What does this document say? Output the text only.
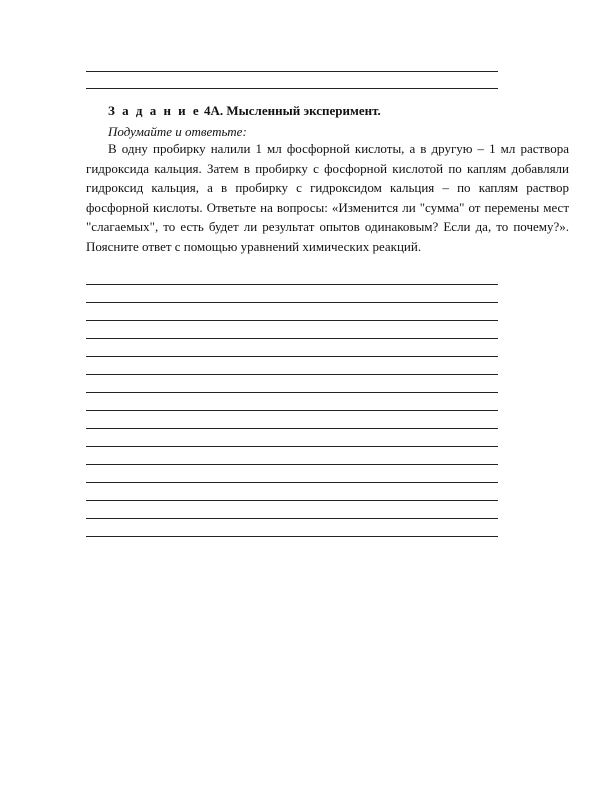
З а д а н и е 4А. Мысленный эксперимент.
Подумайте и ответьте:

В одну пробирку налили 1 мл фосфорной кислоты, а в другую – 1 мл раствора гидроксида кальция. Затем в пробирку с фосфорной кислотой по каплям добавляли гидроксид кальция, а в пробирку с гидроксидом кальция – по каплям раствор фосфорной кислоты. Ответьте на вопросы: «Изменится ли "сумма" от перемены мест "слагаемых", то есть будет ли результат опытов одинаковым? Если да, то почему?». Поясните ответ с помощью уравнений химических реакций.
